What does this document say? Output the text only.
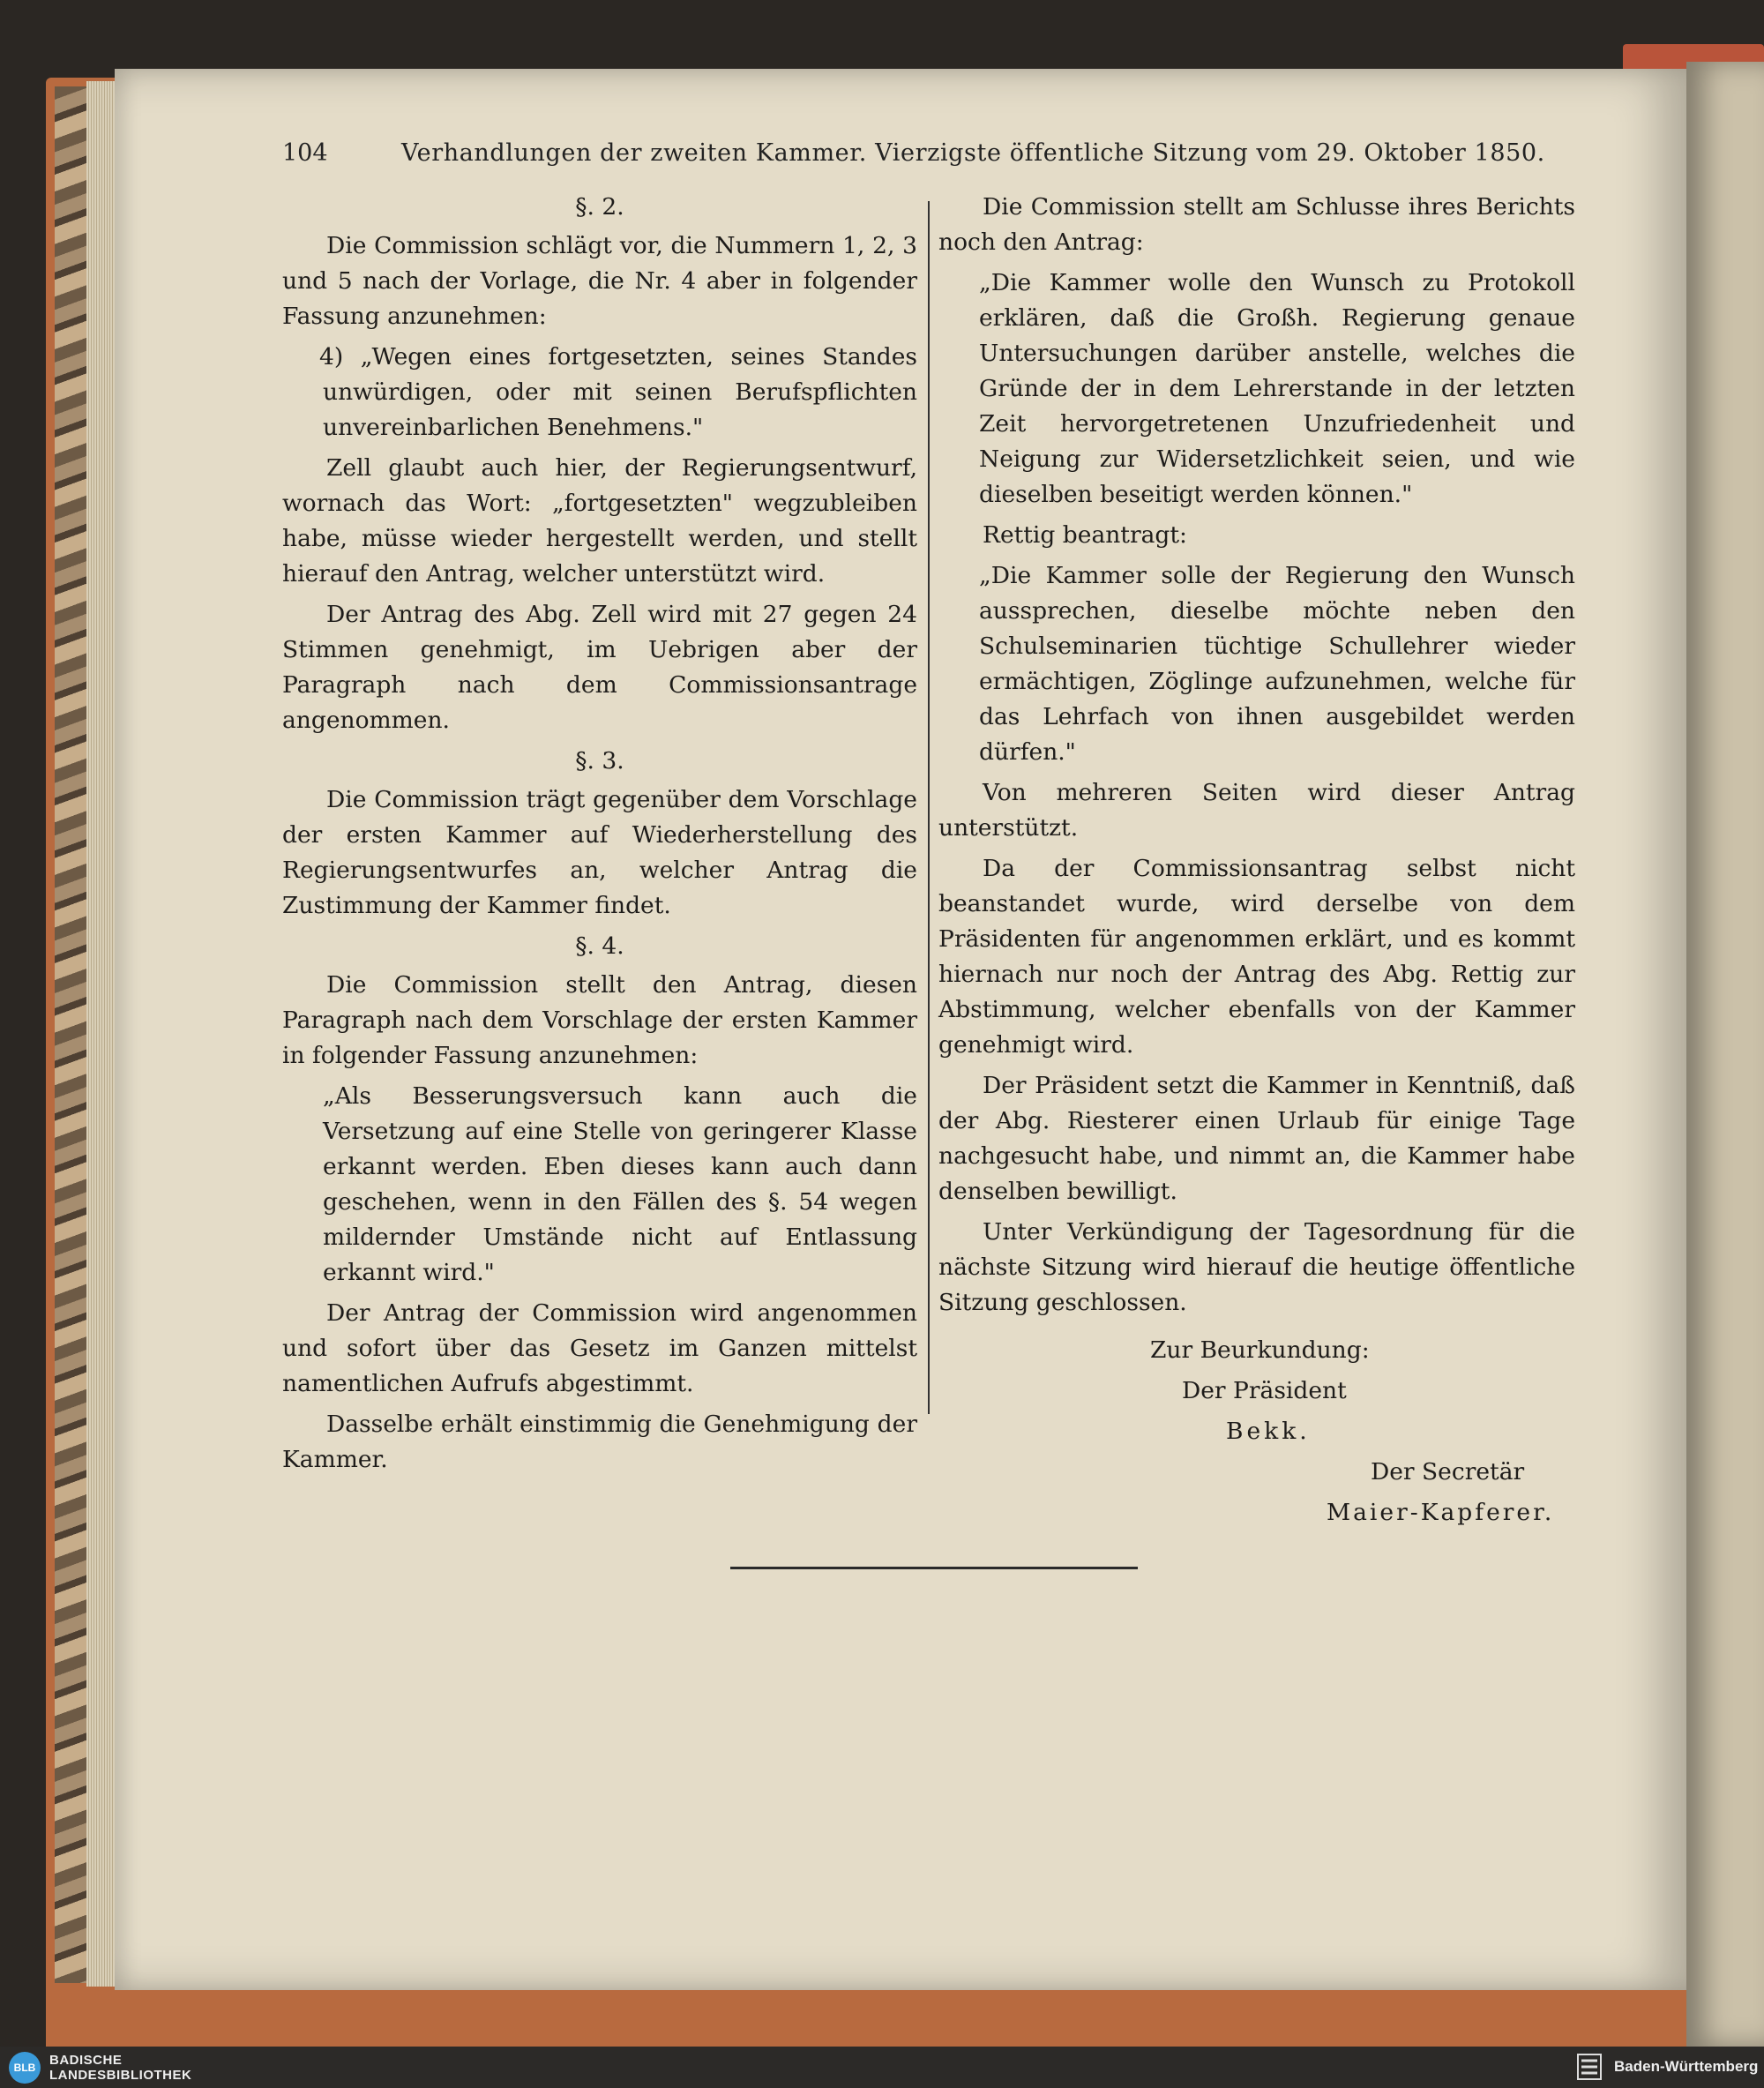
104	Verhandlungen der zweiten Kammer. Vierzigste öffentliche Sitzung vom 29. Oktober 1850.

§. 2.

Die Commission schlägt vor, die Nummern 1, 2, 3 und 5 nach der Vorlage, die Nr. 4 aber in folgender Fassung anzunehmen:

4) „Wegen eines fortgesetzten, seines Standes unwürdigen, oder mit seinen Berufspflichten unvereinbarlichen Benehmens."

Zell glaubt auch hier, der Regierungsentwurf, wornach das Wort: „fortgesetzten" wegzubleiben habe, müsse wieder hergestellt werden, und stellt hierauf den Antrag, welcher unterstützt wird.

Der Antrag des Abg. Zell wird mit 27 gegen 24 Stimmen genehmigt, im Uebrigen aber der Paragraph nach dem Commissionsantrage angenommen.

§. 3.

Die Commission trägt gegenüber dem Vorschlage der ersten Kammer auf Wiederherstellung des Regierungsentwurfes an, welcher Antrag die Zustimmung der Kammer findet.

§. 4.

Die Commission stellt den Antrag, diesen Paragraph nach dem Vorschlage der ersten Kammer in folgender Fassung anzunehmen:

„Als Besserungsversuch kann auch die Versetzung auf eine Stelle von geringerer Klasse erkannt werden. Eben dieses kann auch dann geschehen, wenn in den Fällen des §. 54 wegen mildernder Umstände nicht auf Entlassung erkannt wird."

Der Antrag der Commission wird angenommen und sofort über das Gesetz im Ganzen mittelst namentlichen Aufrufs abgestimmt.

Dasselbe erhält einstimmig die Genehmigung der Kammer.

Die Commission stellt am Schlusse ihres Berichts noch den Antrag:

„Die Kammer wolle den Wunsch zu Protokoll erklären, daß die Großh. Regierung genaue Untersuchungen darüber anstelle, welches die Gründe der in dem Lehrerstande in der letzten Zeit hervorgetretenen Unzufriedenheit und Neigung zur Widersetzlichkeit seien, und wie dieselben beseitigt werden können."

Rettig beantragt:

„Die Kammer solle der Regierung den Wunsch aussprechen, dieselbe möchte neben den Schulseminarien tüchtige Schullehrer wieder ermächtigen, Zöglinge aufzunehmen, welche für das Lehrfach von ihnen ausgebildet werden dürfen."

Von mehreren Seiten wird dieser Antrag unterstützt.

Da der Commissionsantrag selbst nicht beanstandet wurde, wird derselbe von dem Präsidenten für angenommen erklärt, und es kommt hiernach nur noch der Antrag des Abg. Rettig zur Abstimmung, welcher ebenfalls von der Kammer genehmigt wird.

Der Präsident setzt die Kammer in Kenntniß, daß der Abg. Riesterer einen Urlaub für einige Tage nachgesucht habe, und nimmt an, die Kammer habe denselben bewilligt.

Unter Verkündigung der Tagesordnung für die nächste Sitzung wird hierauf die heutige öffentliche Sitzung geschlossen.

Zur Beurkundung:

Der Präsident

Bekk.

Der Secretär

Maier-Kapferer.

BLB	BADISCHE
LANDESBIBLIOTHEK
Baden-Württemberg
